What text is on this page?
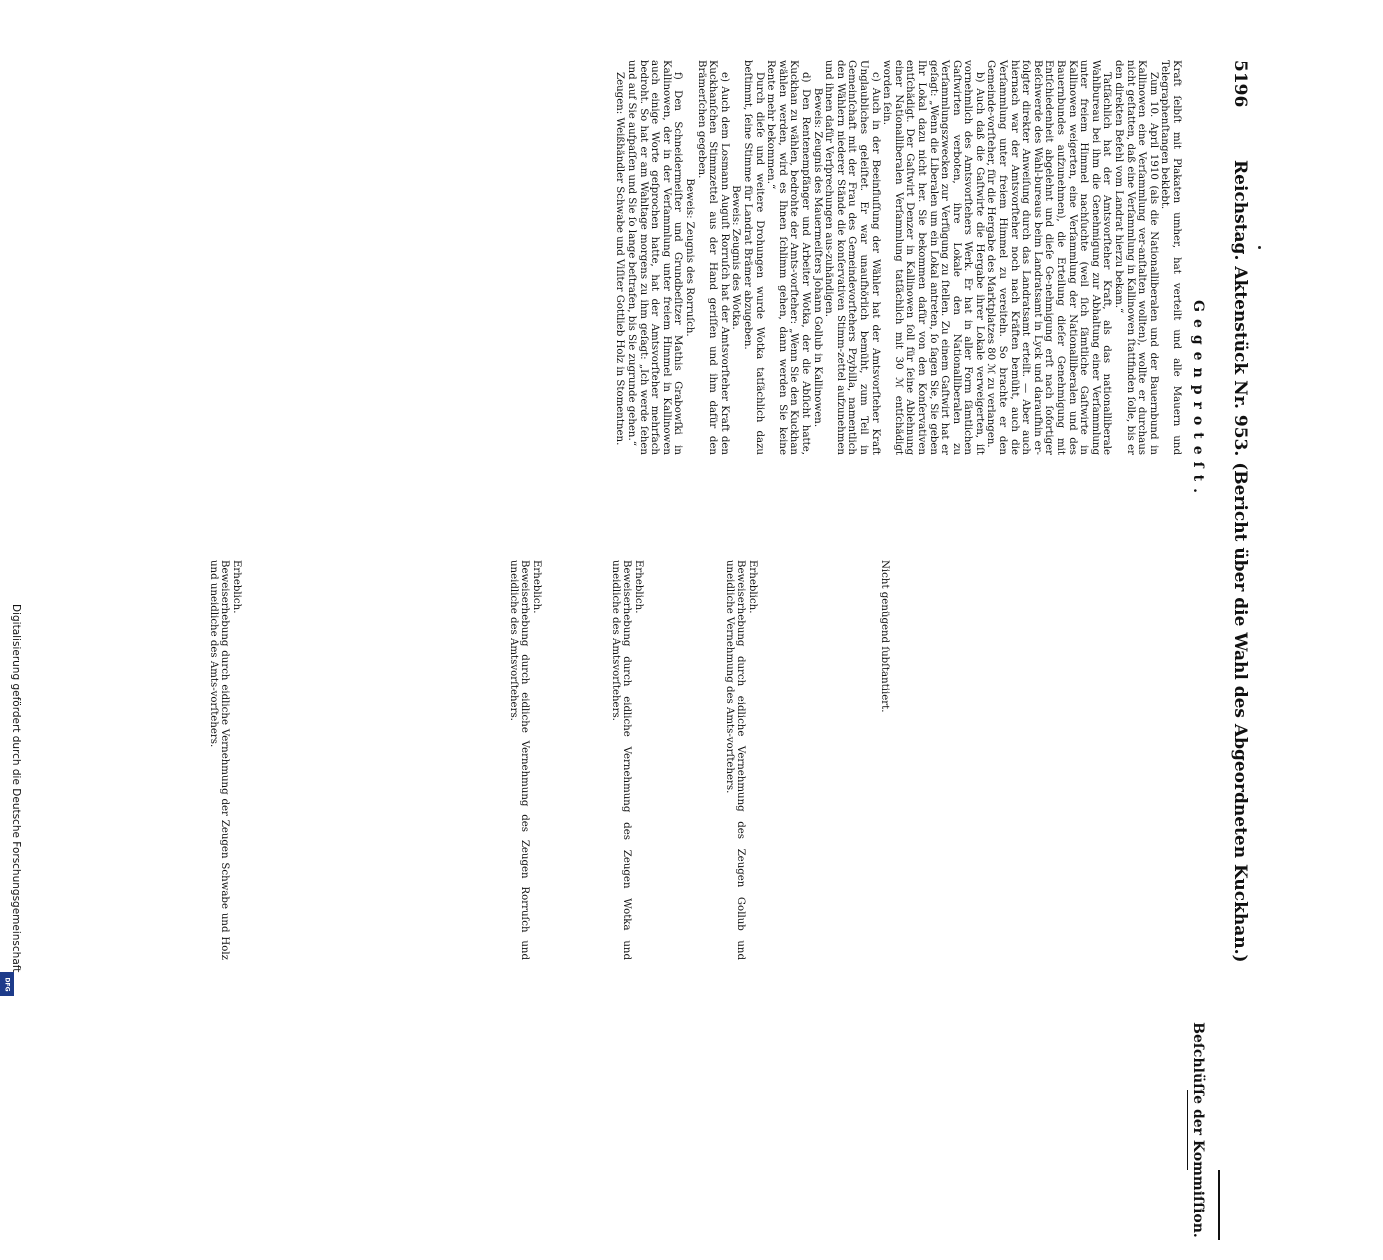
5196
Reichstag. Aktenstück Nr. 953. (Bericht über die Wahl des Abgeordneten Kuckhan.)
Gegenproteſt.
Beſchlüſſe der Kommiſſion.

Kraft ſelbſt mit Plakaten umher, hat verteilt und alle Mauern und Telegraphenſtangen beklebt.

Zum 10. April 1910 (als die Nationalliberalen und der Bauernbund in Kallinowen eine Verſammlung ver-anſtalten wollten), wollte er durchaus nicht geſtatten, daß eine Verſammlung in Kallinowen ſtattfinden ſolle, bis er den direkten Befehl vom Landrat hierzu bekam.“

Tatſächlich hat der Amtsvorſteher Kraft, als das nationalliberale Wahlbureau bei ihm die Genehmigung zur Abhaltung einer Verſammlung unter freiem Himmel nachſuchte (weil ſich ſämtliche Gaſtwirte in Kallinowen weigerten, eine Verſammlung der Nationalliberalen und des Bauernbundes aufzunehmen), die Erteilung dieſer Genehmigung mit Entſchiedenheit abgelehnt und dieſe Ge-nehmigung erſt nach ſofortiger Beſchwerde des Wahl-bureaus beim Landratsamt in Lyck und daraufhin er-folgter direkter Anweiſung durch das Landratsamt erteilt. — Aber auch hiernach war der Amtsvorſteher noch nach Kräften bemüht, auch die Verſammlung unter freiem Himmel zu vereiteln. So brachte er den Gemeinde-vorſteher, für die Hergabe des Marktplatzes 80 ℳ zu verlangen.

b) Auch daß die Gaſtwirte die Hergabe ihrer Lokale verweigerten, iſt vornehmlich des Amtsvorſtehers Werk. Er hat in aller Form ſämtlichen Gaſtwirten verboten, ihre Lokale den Nationalliberalen zu Verſammlungszwecken zur Verfügung zu ſtellen. Zu einem Gaſtwirt hat er geſagt: „Wenn die Liberalen um ein Lokal antreten, ſo ſagen Sie, Sie geben Ihr Lokal dazu nicht her. Sie bekommen dafür von den Konſervativen entſchädigt. Der Gaſtwirt Denzer in Kallinowen ſoll für ſeine Ablehnung einer Nationalliberalen Verſammlung tatſächlich mit 30 ℳ entſchädigt worden ſein.

c) Auch in der Beeinfluſſung der Wähler hat der Amtsvorſteher Kraft Unglaubliches geleiſtet. Er war unaufhörlich bemüht, zum Teil in Gemeinſchaft mit der Frau des Gemeindevorſtehers Pzybilla, namentlich den Wählern niederer Stände die konſervativen Stimm-zettel aufzunehmen und ihnen dafür Verſprechungen aus-zuhändigen.

Beweis: Zeugnis des Mauermeiſters Johann Gollub in Kallinowen.

d) Den Rentenempfänger und Arbeiter Wotka, der die Abſicht hatte, Kuckhan zu wählen, bedrohte der Amts-vorſteher: „Wenn Sie den Kuckhan wählen werden, wird es Ihnen ſchlimm gehen, dann werden Sie keine Rente mehr bekommen.“

Durch dieſe und weitere Drohungen wurde Wotka tatſächlich dazu beſtimmt, ſeine Stimme für Landrat Brämer abzugeben.

Beweis: Zeugnis des Wotka.

e) Auch dem Losmann Auguſt Rorruſch hat der Amtsvorſteher Kraft den Kuckhanſchen Stimmzettel aus der Hand geriſſen und ihm dafür den Brämerſchen gegeben.

Beweis: Zeugnis des Rorruſch.

f) Den Schneidermeiſter und Grundbeſitzer Mathis Grabowſki in Kallinowen, der in der Verſammlung unter freiem Himmel in Kallinowen auch einige Worte geſprochen hatte, hat der Amtsvorſteher mehrfach bedroht. So hat er am Wahltage morgens zu ihm geſagt: „Ich werde ſehen und auf Sie aufpaſſen und Sie ſo lange beſtrafen, bis Sie zugrunde gehen.“

Zeugen: Weißhändler Schwabe und Viſiter Gottlieb Holz in Stomentnen.

Nicht genügend ſubſtantiiert.
Erheblich.
Beweiserhebung durch eidliche Vernehmung des Zeugen Gollub und uneidliche Vernehmung des Amts-vorſtehers.
Erheblich.
Beweiserhebung durch eidliche Vernehmung des Zeugen Wotka und uneidliche des Amtsvorſtehers.
Erheblich.
Beweiserhebung durch eidliche Vernehmung des Zeugen Rorruſch und uneidliche des Amtsvorſtehers.
Erheblich.
Beweiserhebung durch eidliche Vernehmung der Zeugen Schwabe und Holz und uneidliche des Amts-vorſtehers.
Digitalisierung gefördert durch die Deutsche Forschungsgemeinschaft
DFG
